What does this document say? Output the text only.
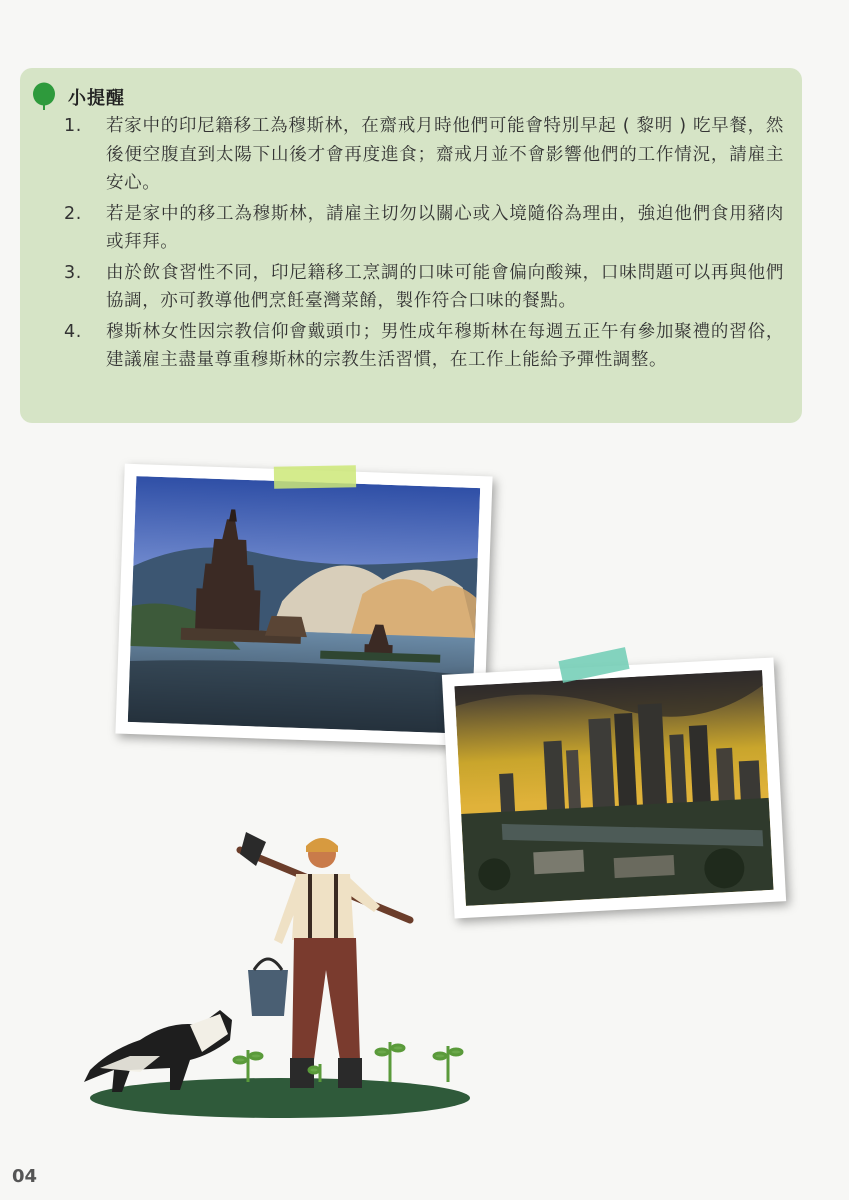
小提醒
1.	若家中的印尼籍移工為穆斯林，在齋戒月時他們可能會特別早起 ( 黎明 ) 吃早餐，然後便空腹直到太陽下山後才會再度進食；齋戒月並不會影響他們的工作情況，請雇主安心。
2.	若是家中的移工為穆斯林，請雇主切勿以關心或入境隨俗為理由，強迫他們食用豬肉或拜拜。
3.	由於飲食習性不同，印尼籍移工烹調的口味可能會偏向酸辣，口味問題可以再與他們協調，亦可教導他們烹飪臺灣菜餚，製作符合口味的餐點。
4.	穆斯林女性因宗教信仰會戴頭巾；男性成年穆斯林在每週五正午有參加聚禮的習俗，建議雇主盡量尊重穆斯林的宗教生活習慣，在工作上能給予彈性調整。
04
